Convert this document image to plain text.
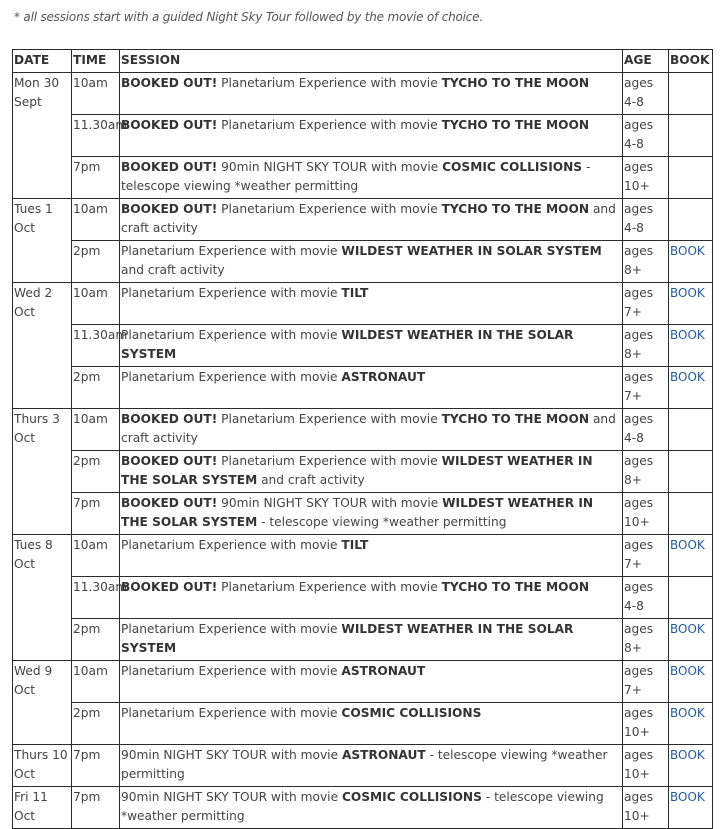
* all sessions start with a guided Night Sky Tour followed by the movie of choice.
DATE	TIME	SESSION	AGE	BOOK
Mon 30 Sept	10am	BOOKED OUT! Planetarium Experience with movie TYCHO TO THE MOON	ages 4-8	
	11.30am	BOOKED OUT! Planetarium Experience with movie TYCHO TO THE MOON	ages 4-8	
	7pm	BOOKED OUT! 90min NIGHT SKY TOUR with movie COSMIC COLLISIONS - telescope viewing *weather permitting	ages 10+	
Tues 1 Oct	10am	BOOKED OUT! Planetarium Experience with movie TYCHO TO THE MOON and craft activity	ages 4-8	
	2pm	Planetarium Experience with movie WILDEST WEATHER IN SOLAR SYSTEM and craft activity	ages 8+	BOOK
Wed 2 Oct	10am	Planetarium Experience with movie TILT	ages 7+	BOOK
	11.30am	Planetarium Experience with movie WILDEST WEATHER IN THE SOLAR SYSTEM	ages 8+	BOOK
	2pm	Planetarium Experience with movie ASTRONAUT	ages 7+	BOOK
Thurs 3 Oct	10am	BOOKED OUT! Planetarium Experience with movie TYCHO TO THE MOON and craft activity	ages 4-8	
	2pm	BOOKED OUT! Planetarium Experience with movie WILDEST WEATHER IN THE SOLAR SYSTEM and craft activity	ages 8+	
	7pm	BOOKED OUT! 90min NIGHT SKY TOUR with movie WILDEST WEATHER IN THE SOLAR SYSTEM - telescope viewing *weather permitting	ages 10+	
Tues 8 Oct	10am	Planetarium Experience with movie TILT	ages 7+	BOOK
	11.30am	BOOKED OUT! Planetarium Experience with movie TYCHO TO THE MOON	ages 4-8	
	2pm	Planetarium Experience with movie WILDEST WEATHER IN THE SOLAR SYSTEM	ages 8+	BOOK
Wed 9 Oct	10am	Planetarium Experience with movie ASTRONAUT	ages 7+	BOOK
	2pm	Planetarium Experience with movie COSMIC COLLISIONS	ages 10+	BOOK
Thurs 10 Oct	7pm	90min NIGHT SKY TOUR with movie ASTRONAUT - telescope viewing *weather permitting	ages 10+	BOOK
Fri 11 Oct	7pm	90min NIGHT SKY TOUR with movie COSMIC COLLISIONS - telescope viewing *weather permitting	ages 10+	BOOK
